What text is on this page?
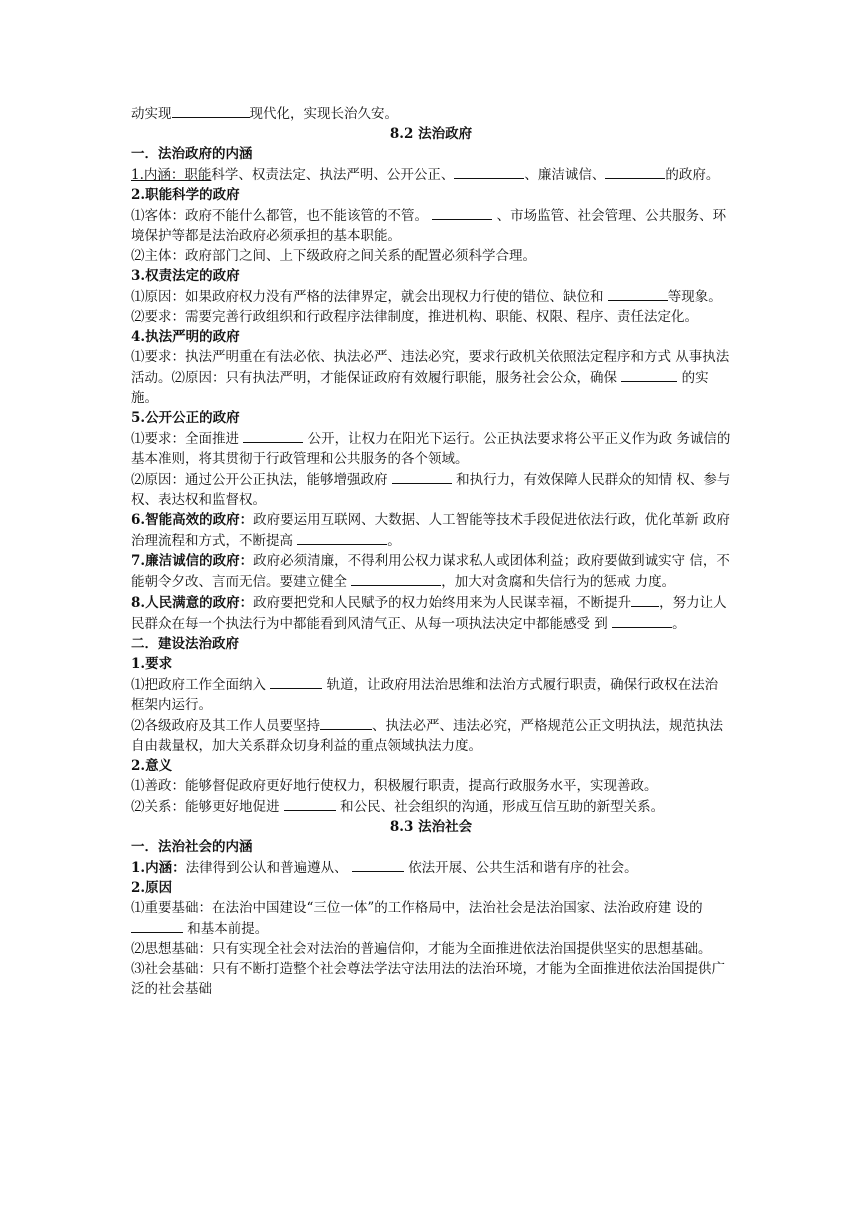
动实现	现代化，实现长治久安。

8.2 法治政府

一．法治政府的内涵

1.内涵：职能科学、权责法定、执法严明、公开公正、	、廉洁诚信、	的政府。

2.职能科学的政府

⑴客体：政府不能什么都管，也不能该管的不管。	、市场监管、社会管理、公共服务、环境保护等都是法治政府必须承担的基本职能。

⑵主体：政府部门之间、上下级政府之间关系的配置必须科学合理。

3.权责法定的政府

⑴原因：如果政府权力没有严格的法律界定，就会出现权力行使的错位、缺位和	等现象。

⑵要求：需要完善行政组织和行政程序法律制度，推进机构、职能、权限、程序、责任法定化。

4.执法严明的政府

⑴要求：执法严明重在有法必依、执法必严、违法必究，要求行政机关依照法定程序和方式 从事执法活动。⑵原因：只有执法严明，才能保证政府有效履行职能，服务社会公众，确保	的实施。

5.公开公正的政府

⑴要求：全面推进	公开，让权力在阳光下运行。公正执法要求将公平正义作为政 务诚信的基本准则，将其贯彻于行政管理和公共服务的各个领域。

⑵原因：通过公开公正执法，能够增强政府	和执行力，有效保障人民群众的知情 权、参与权、表达权和监督权。

6.智能高效的政府：政府要运用互联网、大数据、人工智能等技术手段促进依法行政，优化革新 政府治理流程和方式，不断提高	。

7.廉洁诚信的政府：政府必须清廉，不得利用公权力谋求私人或团体利益；政府要做到诚实守 信，不能朝令夕改、言而无信。要建立健全	，加大对贪腐和失信行为的惩戒 力度。

8.人民满意的政府：政府要把党和人民赋予的权力始终用来为人民谋幸福，不断提升 ，努力让人民群众在每一个执法行为中都能看到风清气正、从每一项执法决定中都能感受 到	。

二．建设法治政府

1.要求

⑴把政府工作全面纳入	轨道，让政府用法治思维和法治方式履行职责，确保行政权在法治框架内运行。

⑵各级政府及其工作人员要坚持	、执法必严、违法必究，严格规范公正文明执法，规范执法自由裁量权，加大关系群众切身利益的重点领域执法力度。

2.意义

⑴善政：能够督促政府更好地行使权力，积极履行职责，提高行政服务水平，实现善政。

⑵关系：能够更好地促进	和公民、社会组织的沟通，形成互信互助的新型关系。

8.3 法治社会

一．法治社会的内涵

1.内涵：法律得到公认和普遍遵从、	依法开展、公共生活和谐有序的社会。

2.原因

⑴重要基础：在法治中国建设“三位一体”的工作格局中，法治社会是法治国家、法治政府建 设的 和基本前提。

⑵思想基础：只有实现全社会对法治的普遍信仰，才能为全面推进依法治国提供坚实的思想基础。

⑶社会基础：只有不断打造整个社会尊法学法守法用法的法治环境，才能为全面推进依法治国提供广泛的社会基础
